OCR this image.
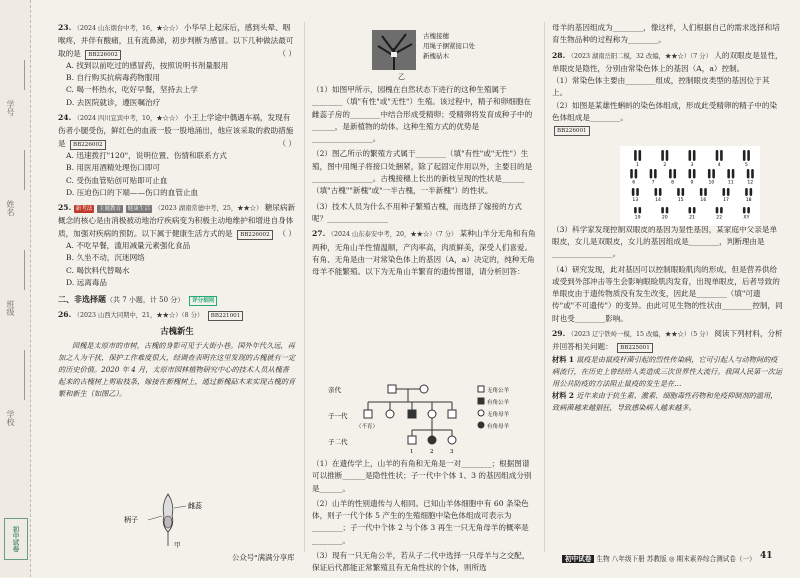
学号
姓名
班级
学校
初中试卷
23. （2024 山东烟台中考，16，★☆☆） 小华早上起床后，感到头晕、咽喉疼，并伴有酸痛，且有流鼻涕，初步判断为感冒。以下几种做法最可取的是 BB226002	（ ）
A. 找到以前吃过的感冒药，按照说明书剂量服用
B. 自行购买抗病毒药物服用
C. 喝一杯热水，吃好早餐，坚持去上学
D. 去医院就诊，遵医嘱治疗
24. （2024 四川宜宾中考，10，★☆☆） 小王上学途中偶遇车祸，发现有伤者小腿受伤，鲜红色的血液一股一股地涌出，他应该采取的救助措施是 BB226002	（ ）
A. 迅速拨打"120"，说明位置、伤情和联系方式
B. 用医用酒精处理伤口即可
C. 受伤血管贴创可贴即可止血
D. 压迫伤口的下端——伤口的血管止血
25. 新考法 主题教育 健康生活 （2023 湖南常德中考，25，★★☆） 糖尿病新概念的核心是由消极被动地治疗疾病变为积极主动地维护和增进自身体质，加强对疾病的预防。以下属于健康生活方式的是 BB226002 （ ）
A. 不吃早餐，滥用减量元素强化食品
B. 久坐不动，沉迷网络
C. 喝饮料代替喝水
D. 远离毒品
二、非选择题（共 7 小题，计 50 分） 评分细则
26. （2023 山西大同期中，21，★★☆）（8 分） BB221001
古槐新生
园槐是太原市的市树，古槐的身影可见于大街小巷。国外年代久远，再加之人为干扰，保护工作难度很大，经调查表明在这里发现的古槐就有一定的历史价值。2020 年 4 月，太原市园林植物研究中心的技术人员从槐香起来的古槐树上剪取枝条，嫁接在新槐树上，通过新槐砧木来实现古槐的育繁和新生（如图乙）。
柄子
雌蕊
甲
古槐接穗
用绳子捆紧接口处
新槐砧木
乙
（1）如图甲所示，园槐在自然状态下进行的这种生殖属于________（填"有性"或"无性"）生殖。该过程中，精子和卵细胞在雌蕊子房的________中结合形成受精卵；受精卵将发育成种子中的______，是新植物的幼体。这种生殖方式的优势是________________。
（2）图乙所示的繁殖方式属于________（填"有性"或"无性"）生殖，图中用绳子将接口处捆紧，除了起固定作用以外，主要目的是________________。古槐接穗上长出的新枝呈现的性状是______（填"古槐""新槐"或"一半古槐，一半新槐"）的性状。
（3）技术人员为什么不用种子繁殖古槐，而选择了嫁接的方式呢？________________
27. （2024 山东泰安中考，20，★★☆）（7 分） 某种山羊分无角和有角两种，无角山羊性情温顺，产肉率高，肉质鲜美，深受人们喜爱。有角、无角是由一对常染色体上的基因（A，a）决定的，纯种无角母羊不能繁殖。以下为无角山羊繁育的遗传图谱，请分析回答：
亲代
子一代
子二代
（不育）
1	2	3
无角公羊
有角公羊
无角母羊
有角母羊
（1）在遗传学上，山羊的有角和无角是一对________；根据图谱可以推断______是隐性性状；子一代中个体 1、3 的基因组成分别是______。
（2）山羊的性别遗传与人相同。已知山羊体细胞中有 60 条染色体，则子一代个体 5 产生的生殖细胞中染色体组成可表示为________；子一代中个体 2 与个体 3 再生一只无角母羊的概率是________。
（3）现有一只无角公羊，若从子二代中选择一只母羊与之交配，保证后代都能正常繁殖且有无角性状的个体，则所选
母羊的基因组成为________，像这样，人们根据自己的需求选择和培育生物品种的过程称为________。
28. （2023 湖南岳阳二模，32 改编，★★☆）（7 分） 人的双眼皮是显性，单眼皮是隐性，分别由常染色体上的基因（A，a）控制。
（1）常染色体主要由________组成，控制眼皮类型的基因位于其上。
（2）如图是某雄性蝌蚪的染色体组成，形成此受精卵的精子中的染色体组成是________。
BB226001
（3）科学家发现控制双眼皮的基因为显性基因，某家庭中父亲是单眼皮，女儿是双眼皮，女儿的基因组成是________，判断理由是________________。
（4）研究发现，此对基因可以控制眼睑肌肉的形成，但是营养供给或受到外部冲击等生会影响眼睑肌肉发育，出现单眼皮，后者导致的单眼皮由于遗传物质没有发生改变，因此是________（填"可遗传"或"不可遗传"）的变异。由此可见生物的性状由________控制，同时也受________影响。
29. （2023 辽宁铁岭一模，15 改编，★★☆）（5 分） 阅读下列材料，分析并回答相关问题： BB225001
材料 1 鼠疫是由鼠疫杆菌引起的烈性传染病，它可引起人与动物间的疫病流行，在历史上曾经给人类造成三次世界性大流行。我国人民第一次运用公共防疫的方法阻止鼠疫的发生是在…
材料 2 近年来由于抗生素、激素、细胞毒性药物和免疫抑制剂的滥用，致病菌越来越猖狂，导致感染病人越来越多。
1	2	3	4	5
6	7	8	9	10	11	12
13	14	15	16	17	18
19	20	21	22	XY
公众号"满满分享库	初中试卷 生物 八年级下册 苏教版 ◎ 期末素养综合测试卷（一） 41
